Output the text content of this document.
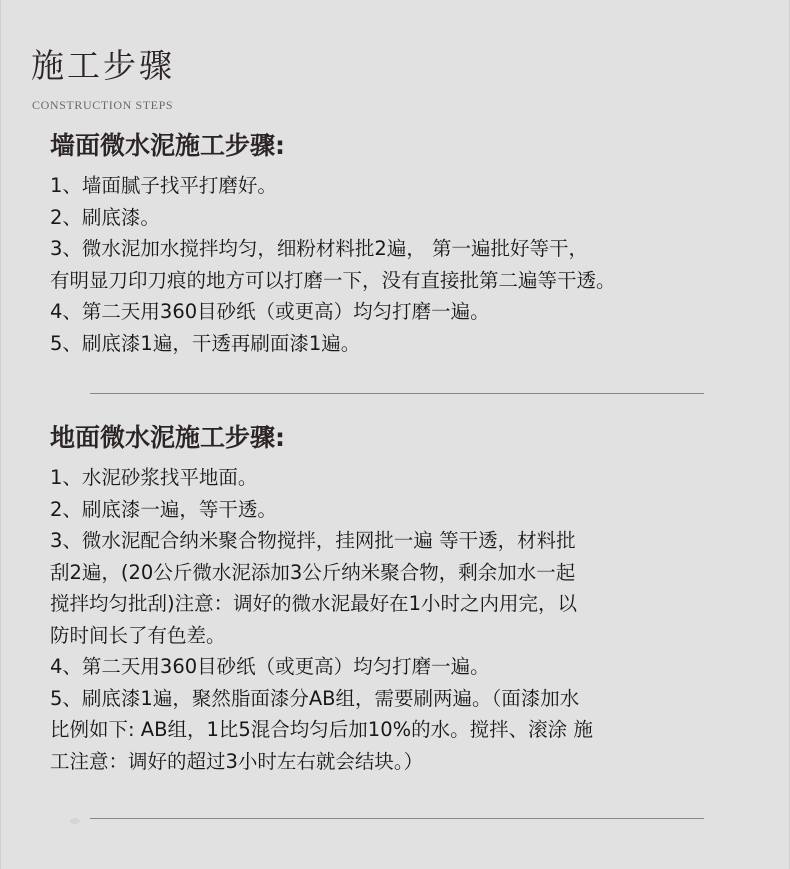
施工步骤
CONSTRUCTION STEPS
墙面微水泥施工步骤:
1、墙面腻子找平打磨好。
2、刷底漆。
3、微水泥加水搅拌均匀，细粉材料批2遍， 第一遍批好等干，
有明显刀印刀痕的地方可以打磨一下，没有直接批第二遍等干透。
4、第二天用360目砂纸（或更高）均匀打磨一遍。
5、刷底漆1遍，干透再刷面漆1遍。
地面微水泥施工步骤:
1、水泥砂浆找平地面。
2、刷底漆一遍，等干透。
3、微水泥配合纳米聚合物搅拌，挂网批一遍 等干透，材料批
刮2遍，(20公斤微水泥添加3公斤纳米聚合物，剩余加水一起
搅拌均匀批刮)注意：调好的微水泥最好在1小时之内用完，以
防时间长了有色差。
4、第二天用360目砂纸（或更高）均匀打磨一遍。
5、刷底漆1遍，聚然脂面漆分AB组，需要刷两遍。（面漆加水
比例如下: AB组，1比5混合均匀后加10%的水。搅拌、滚涂 施
工注意：调好的超过3小时左右就会结块。）
